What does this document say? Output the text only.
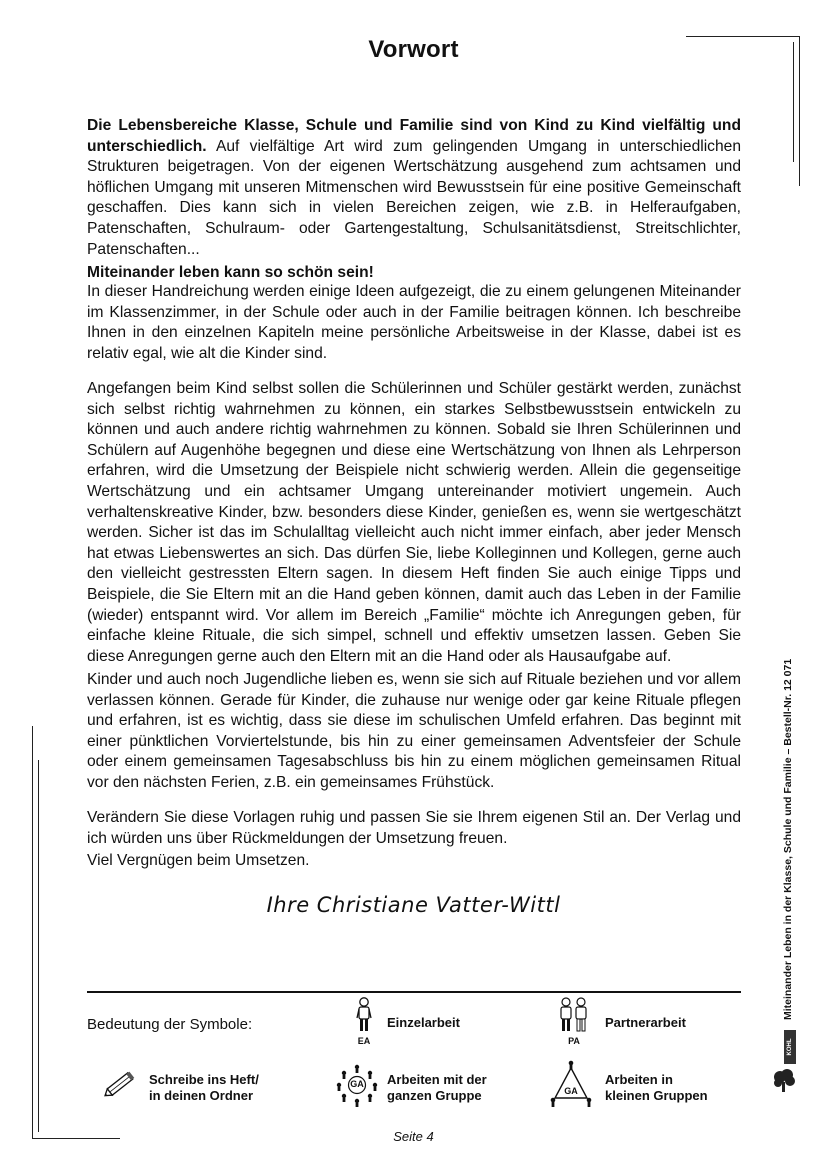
Vorwort

Die Lebensbereiche Klasse, Schule und Familie sind von Kind zu Kind vielfältig und unterschiedlich. Auf vielfältige Art wird zum gelingenden Umgang in unterschiedlichen Strukturen beigetragen. Von der eigenen Wertschätzung ausgehend zum achtsamen und höflichen Umgang mit unseren Mitmenschen wird Bewusstsein für eine positive Gemeinschaft geschaffen. Dies kann sich in vielen Bereichen zeigen, wie z.B. in Helferaufgaben, Patenschaften, Schulraum- oder Gartengestaltung, Schulsanitätsdienst, Streitschlichter, Patenschaften...

Miteinander leben kann so schön sein!

In dieser Handreichung werden einige Ideen aufgezeigt, die zu einem gelungenen Miteinander im Klassenzimmer, in der Schule oder auch in der Familie beitragen können. Ich beschreibe Ihnen in den einzelnen Kapiteln meine persönliche Arbeitsweise in der Klasse, dabei ist es relativ egal, wie alt die Kinder sind.

Angefangen beim Kind selbst sollen die Schülerinnen und Schüler gestärkt werden, zunächst sich selbst richtig wahrnehmen zu können, ein starkes Selbstbewusstsein entwickeln zu können und auch andere richtig wahrnehmen zu können. Sobald sie Ihren Schülerinnen und Schülern auf Augenhöhe begegnen und diese eine Wertschätzung von Ihnen als Lehrperson erfahren, wird die Umsetzung der Beispiele nicht schwierig werden. Allein die gegenseitige Wertschätzung und ein achtsamer Umgang untereinander motiviert ungemein. Auch verhaltenskreative Kinder, bzw. besonders diese Kinder, genießen es, wenn sie wertgeschätzt werden. Sicher ist das im Schulalltag vielleicht auch nicht immer einfach, aber jeder Mensch hat etwas Liebenswertes an sich. Das dürfen Sie, liebe Kolleginnen und Kollegen, gerne auch den vielleicht gestressten Eltern sagen. In diesem Heft finden Sie auch einige Tipps und Beispiele, die Sie Eltern mit an die Hand geben können, damit auch das Leben in der Familie (wieder) entspannt wird. Vor allem im Bereich „Familie“ möchte ich Anregungen geben, für einfache kleine Rituale, die sich simpel, schnell und effektiv umsetzen lassen. Geben Sie diese Anregungen gerne auch den Eltern mit an die Hand oder als Hausaufgabe auf.

Kinder und auch noch Jugendliche lieben es, wenn sie sich auf Rituale beziehen und vor allem verlassen können. Gerade für Kinder, die zuhause nur wenige oder gar keine Rituale pflegen und erfahren, ist es wichtig, dass sie diese im schulischen Umfeld erfahren. Das beginnt mit einer pünktlichen Vorviertelstunde, bis hin zu einer gemeinsamen Adventsfeier der Schule oder einem gemeinsamen Tagesabschluss bis hin zu einem möglichen gemeinsamen Ritual vor den nächsten Ferien, z.B. ein gemeinsames Frühstück.

Verändern Sie diese Vorlagen ruhig und passen Sie sie Ihrem eigenen Stil an. Der Verlag und ich würden uns über Rückmeldungen der Umsetzung freuen.

Viel Vergnügen beim Umsetzen.

Ihre Christiane Vatter-Wittl
Bedeutung der Symbole:
EA
Einzelarbeit
PA
Partnerarbeit
Schreibe ins Heft/
in deinen Ordner
GA	Arbeiten mit der
ganzen Gruppe	GA
Arbeiten in
kleinen Gruppen
Miteinander Leben in der Klasse, Schule und Familie – Bestell-Nr. 12 071
KOHL VERLAG
Seite 4
